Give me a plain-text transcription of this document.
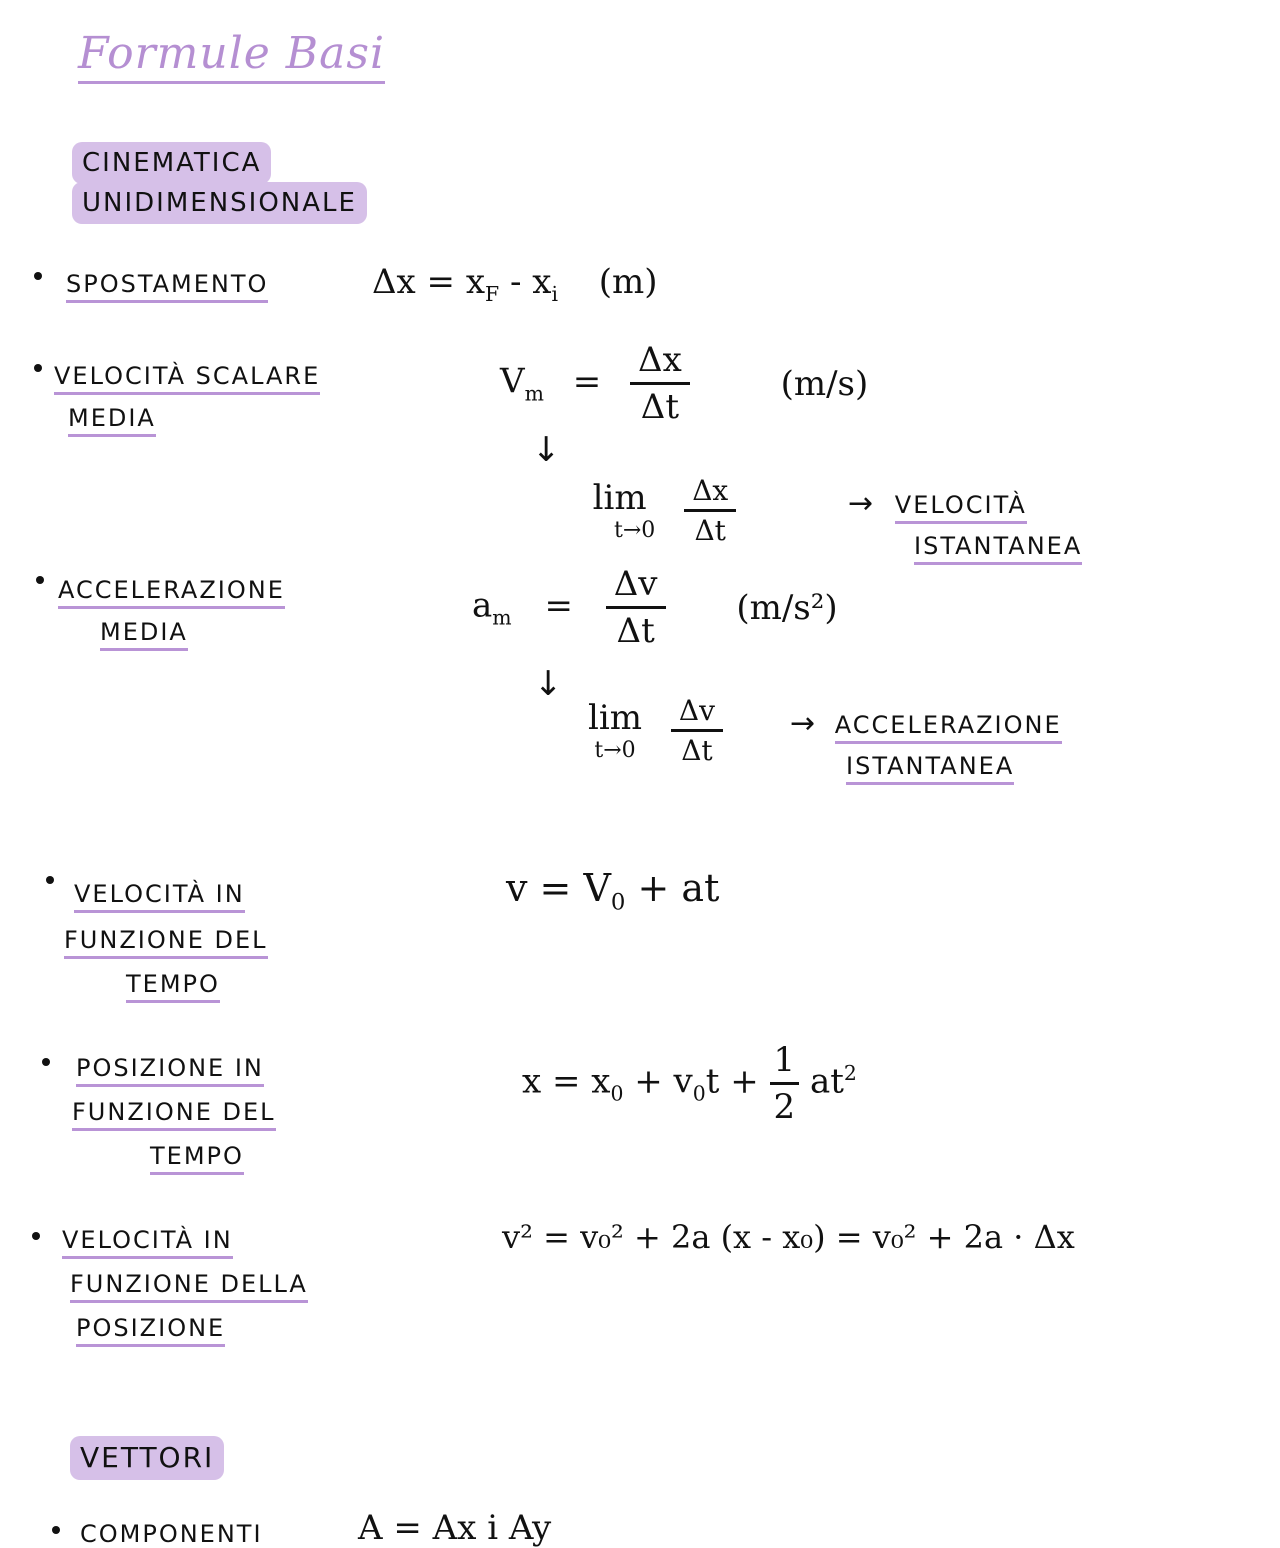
Formule Basi
CINEMATICA
UNIDIMENSIONALE
SPOSTAMENTO	$\Delta x = x_F - x_i$ (m)
VELOCITÀ SCALARE
MEDIA
$V_m = \frac{\Delta x}{\Delta t}$	(m/s)
↓
lim
t→0
$\frac{\Delta x}{\Delta t}$	→ VELOCITÀ
ISTANTANEA
ACCELERAZIONE
MEDIA
$a_m = \frac{\Delta v}{\Delta t} (m/s^2)$
↓
lim
t→0
$\frac{\Delta v}{\Delta t}$ → ACCELERAZIONE
ISTANTANEA
VELOCITÀ IN
FUNZIONE DEL
TEMPO
$v = V_0$ + at
POSIZIONE IN
FUNZIONE DEL
TEMPO
$x = x_0 + v_0t + \frac{1}{2} at^2$
VELOCITÀ IN
FUNZIONE DELLA
POSIZIONE
v² = v₀² + 2a (x - x₀) = v₀² + 2a · Δx
VETTORI
COMPONENTI	A = Ax i Ay
